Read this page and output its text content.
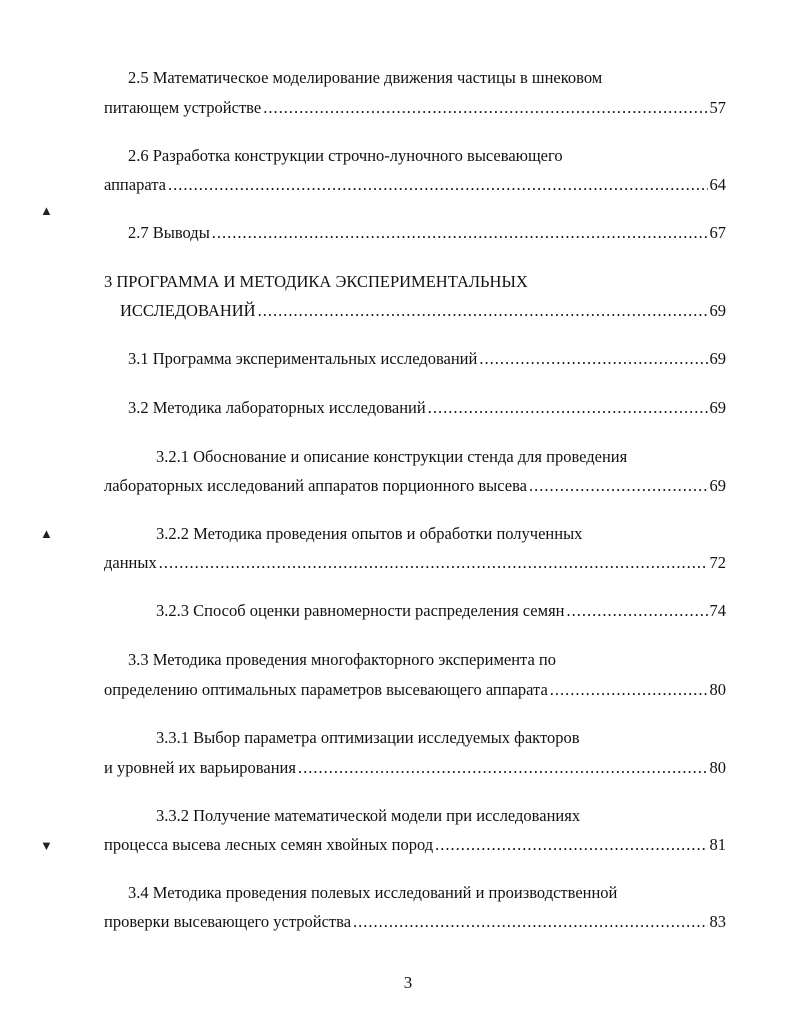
2.5 Математическое моделирование движения частицы в шнековом
питающем устройстве .....	57
2.6 Разработка конструкции строчно-луночного высевающего
аппарата .....	64
2.7 Выводы .....	67
3 ПРОГРАММА И МЕТОДИКА ЭКСПЕРИМЕНТАЛЬНЫХ
ИССЛЕДОВАНИЙ .....	69
3.1 Программа экспериментальных исследований .....	69
3.2 Методика лабораторных исследований .....	69
3.2.1 Обоснование и описание конструкции стенда для проведения
лабораторных исследований аппаратов порционного высева .....	69
3.2.2 Методика проведения опытов и обработки полученных
данных .....	72
3.2.3 Способ оценки равномерности распределения семян .....	74
3.3 Методика проведения многофакторного эксперимента по
определению оптимальных параметров высевающего аппарата .....	80
3.3.1 Выбор параметра оптимизации исследуемых факторов
и уровней их варьирования .....	80
3.3.2 Получение математической модели при исследованиях
процесса высева лесных семян хвойных пород .....	81
3.4 Методика проведения полевых исследований и производственной
проверки высевающего устройства .....	83
▲
▲
▼
3
